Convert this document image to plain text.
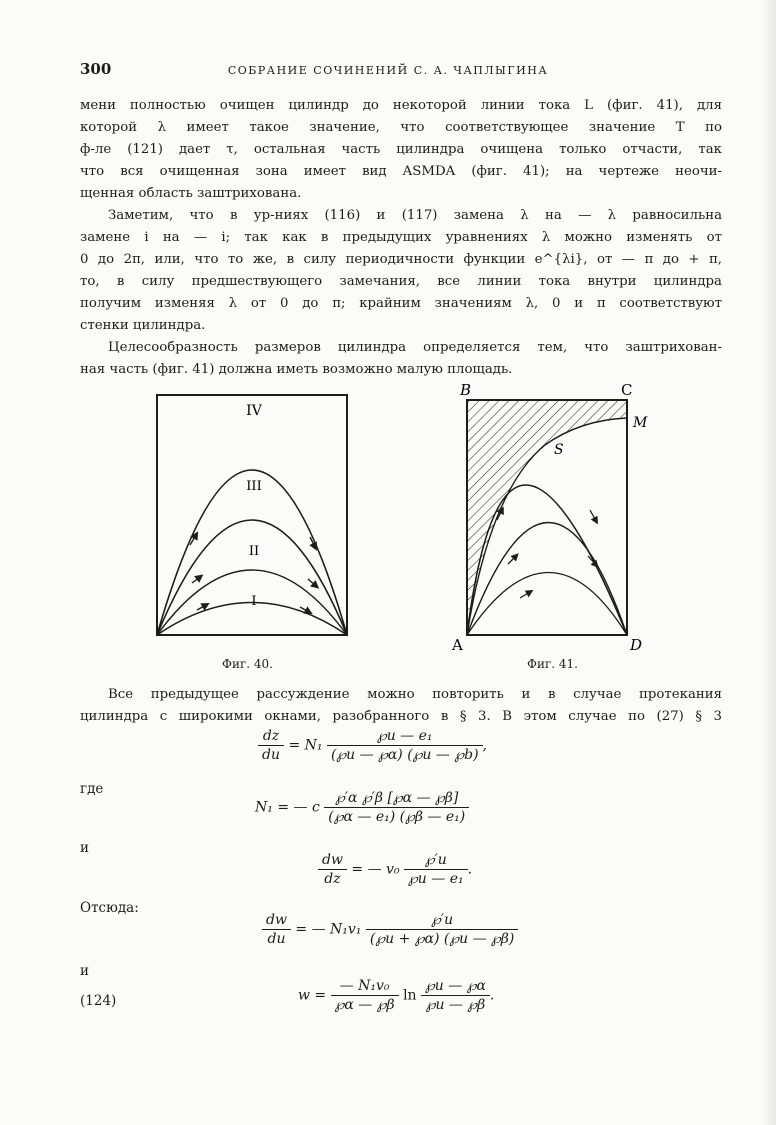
300	СОБРАНИЕ СОЧИНЕНИЙ С. А. ЧАПЛЫГИНА
мени полностью очищен цилиндр до некоторой линии тока L (фиг. 41), для
которой λ имеет такое значение, что соответствующее значение T по
ф-ле (121) дает τ, остальная часть цилиндра очищена только отчасти, так
что вся очищенная зона имеет вид ASMDA (фиг. 41); на чертеже неочи-
щенная область заштрихована.
Заметим, что в ур-ниях (116) и (117) замена λ на — λ равносильна
замене i на — i; так как в предыдущих уравнениях λ можно изменять от
0 до 2π, или, что то же, в силу периодичности функции e^{λi}, от — π до + π,
то, в силу предшествующего замечания, все линии тока внутри цилиндра
получим изменяя λ от 0 до π; крайним значениям λ, 0 и π соответствуют
стенки цилиндра.
Целесообразность размеров цилиндра определяется тем, что заштрихован-
ная часть (фиг. 41) должна иметь возможно малую площадь.
IV
III
II
I
Фиг. 40.
B	C
M
S
A	D
Фиг. 41.
Все предыдущее рассуждение можно повторить и в случае протекания
цилиндра с широкими окнами, разобранного в § 3. В этом случае по (27) § 3
$\frac{dz}{du} = N_1 \frac{\text{℘u — e₁}}{(℘u — ℘\alpha) (℘u — ℘b)}$ ,
где
N₁ = — c $\frac{℘'\alpha ℘'\beta [℘\alpha — ℘\beta]}{\text{(℘α — e₁) (℘β — e₁)}}$
и
$\frac{dw}{dz}$ = — $v_0 \frac{℘'u}{\text{℘u — e₁}}$ .
Отсюда:
$\frac{dw}{du}$ = — $N_1v_1 \frac{℘'u}{(℘u + ℘\alpha) (℘u — ℘\beta)}$
и
(124)	$w = \frac{\text{— N₁v₀}}{℘\alpha — ℘\beta}$ $\ln \frac{℘u — ℘\alpha}{℘u — ℘\beta}$ .
